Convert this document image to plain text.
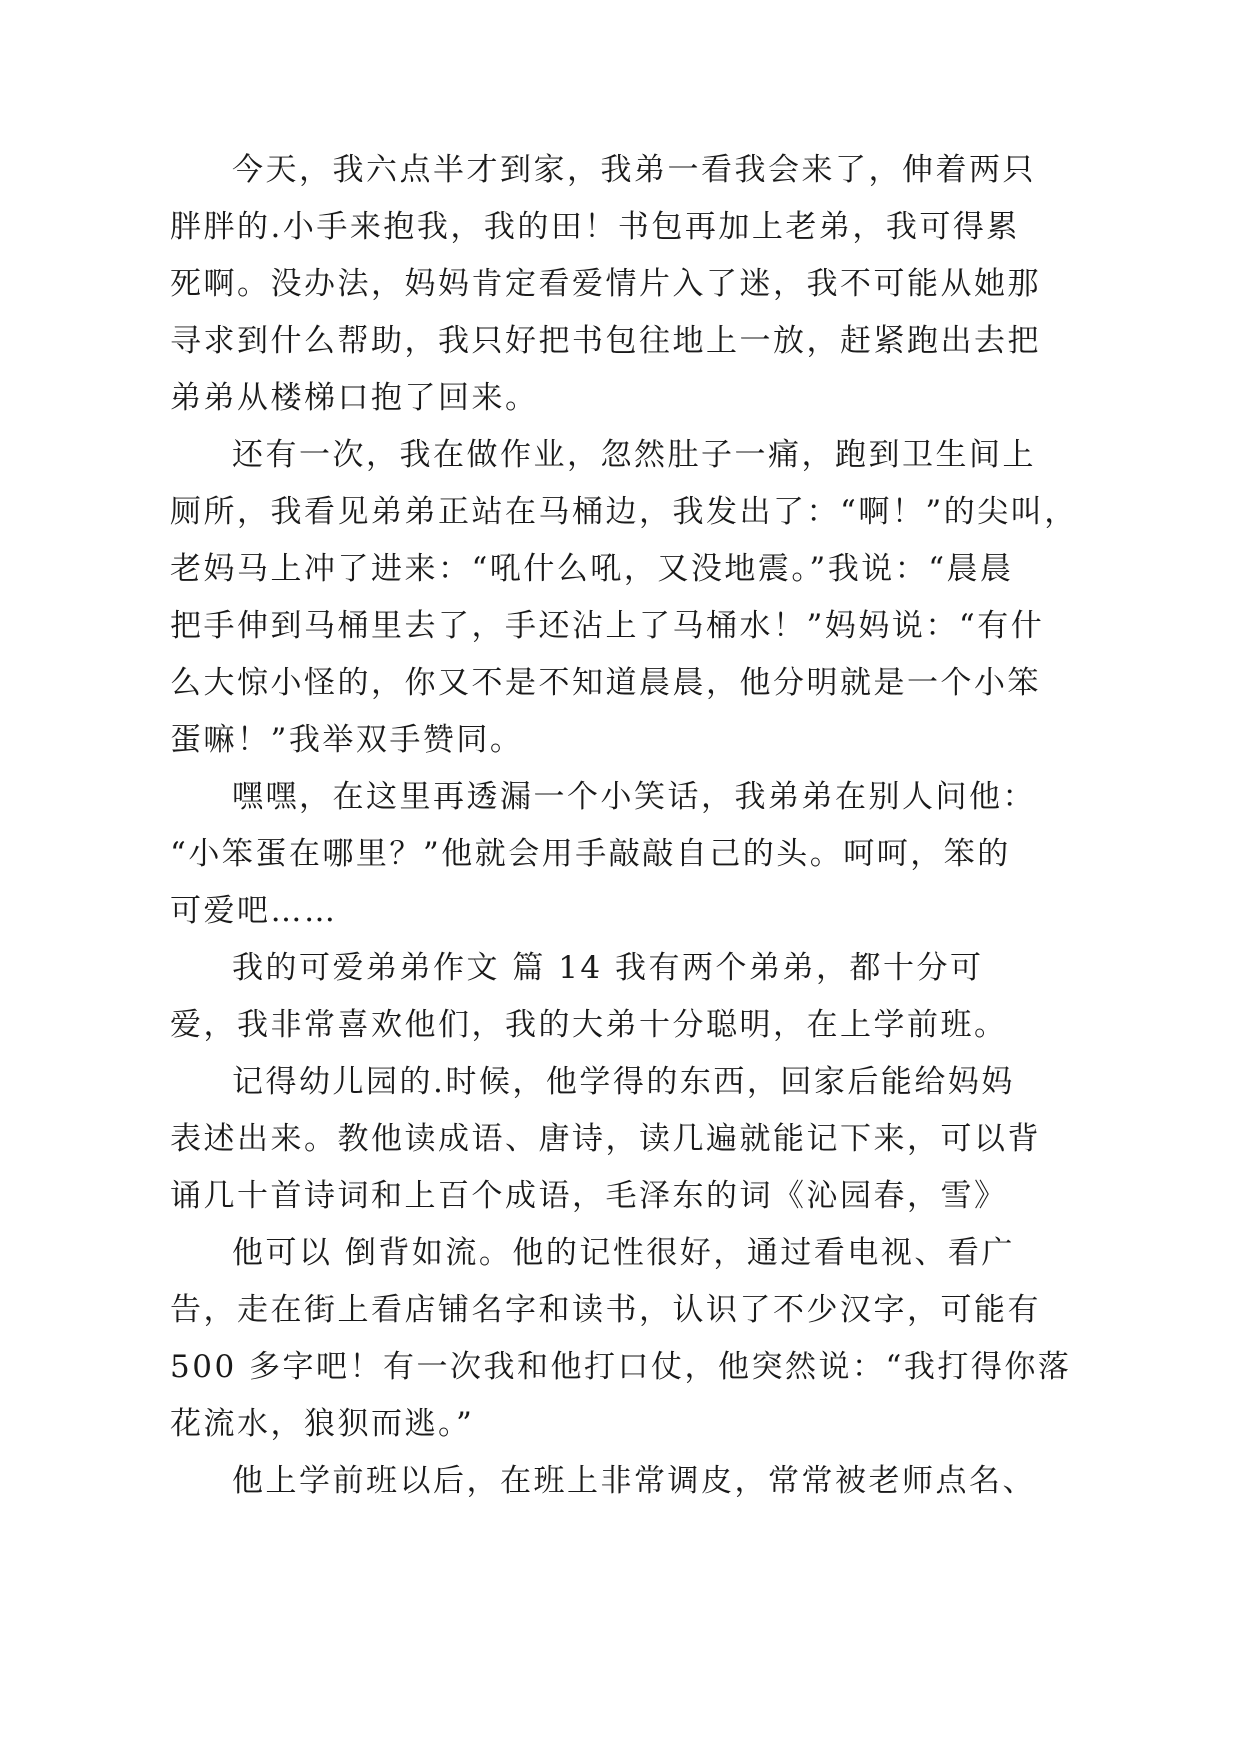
今天，我六点半才到家，我弟一看我会来了，伸着两只
胖胖的.小手来抱我，我的田！书包再加上老弟，我可得累
死啊。没办法，妈妈肯定看爱情片入了迷，我不可能从她那
寻求到什么帮助，我只好把书包往地上一放，赶紧跑出去把
弟弟从楼梯口抱了回来。
还有一次，我在做作业，忽然肚子一痛，跑到卫生间上
厕所，我看见弟弟正站在马桶边，我发出了：“啊！”的尖叫，
老妈马上冲了进来：“吼什么吼，又没地震。”我说：“晨晨
把手伸到马桶里去了，手还沾上了马桶水！”妈妈说：“有什
么大惊小怪的，你又不是不知道晨晨，他分明就是一个小笨
蛋嘛！”我举双手赞同。
嘿嘿，在这里再透漏一个小笑话，我弟弟在别人问他：
“小笨蛋在哪里？”他就会用手敲敲自己的头。呵呵，笨的
可爱吧……
我的可爱弟弟作文 篇 14 我有两个弟弟，都十分可
爱，我非常喜欢他们，我的大弟十分聪明，在上学前班。
记得幼儿园的.时候，他学得的东西，回家后能给妈妈
表述出来。教他读成语、唐诗，读几遍就能记下来，可以背
诵几十首诗词和上百个成语，毛泽东的词《沁园春，雪》
他可以 倒背如流。他的记性很好，通过看电视、看广
告，走在街上看店铺名字和读书，认识了不少汉字，可能有
500 多字吧！有一次我和他打口仗，他突然说：“我打得你落
花流水，狼狈而逃。”
他上学前班以后，在班上非常调皮，常常被老师点名、
